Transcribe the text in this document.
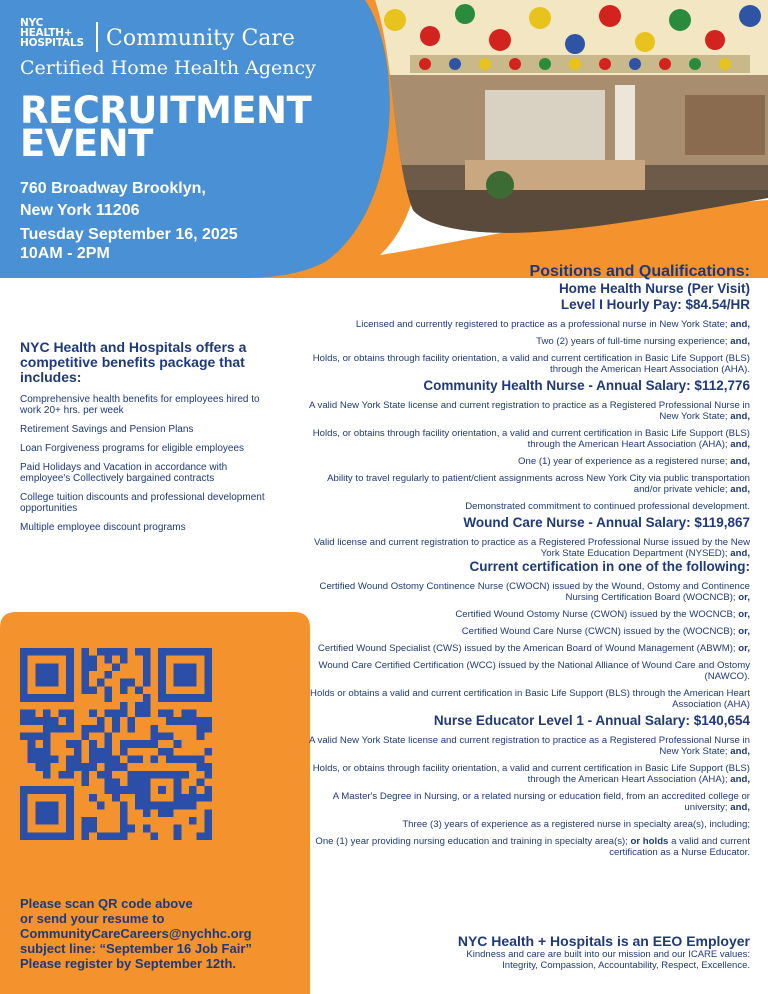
NYC
HEALTH+
HOSPITALS Community Care
Certified Home Health Agency
RECRUITMENT
EVENT
760 Broadway Brooklyn,
New York 11206
Tuesday September 16, 2025
10AM - 2PM
Positions and Qualifications:
Home Health Nurse (Per Visit)
Level I Hourly Pay: $84.54/HR
Licensed and currently registered to practice as a professional nurse in New York State; and,
Two (2) years of full-time nursing experience; and,
Holds, or obtains through facility orientation, a valid and current certification in Basic Life Support (BLS) through the American Heart Association (AHA).
Community Health Nurse - Annual Salary: $112,776
A valid New York State license and current registration to practice as a Registered Professional Nurse in New York State; and,
Holds, or obtains through facility orientation, a valid and current certification in Basic Life Support (BLS) through the American Heart Association (AHA); and,
One (1) year of experience as a registered nurse; and,
Ability to travel regularly to patient/client assignments across New York City via public transportation and/or private vehicle; and,
Demonstrated commitment to continued professional development.
Wound Care Nurse - Annual Salary: $119,867
Valid license and current registration to practice as a Registered Professional Nurse issued by the New York State Education Department (NYSED); and,
Current certification in one of the following:
Certified Wound Ostomy Continence Nurse (CWOCN) issued by the Wound, Ostomy and Continence Nursing Certification Board (WOCNCB); or,
Certified Wound Ostomy Nurse (CWON) issued by the WOCNCB; or,
Certified Wound Care Nurse (CWCN) issued by the (WOCNCB); or,
Certified Wound Specialist (CWS) issued by the American Board of Wound Management (ABWM); or,
Wound Care Certified Certification (WCC) issued by the National Alliance of Wound Care and Ostomy (NAWCO).
Holds or obtains a valid and current certification in Basic Life Support (BLS) through the American Heart Association (AHA)
Nurse Educator Level 1 - Annual Salary: $140,654
A valid New York State license and current registration to practice as a Registered Professional Nurse in New York State; and,
Holds, or obtains through facility orientation, a valid and current certification in Basic Life Support (BLS) through the American Heart Association (AHA); and,
A Master's Degree in Nursing, or a related nursing or education field, from an accredited college or university; and,
Three (3) years of experience as a registered nurse in specialty area(s), including;
One (1) year providing nursing education and training in specialty area(s); or holds a valid and current certification as a Nurse Educator.
NYC Health and Hospitals offers a competitive benefits package that includes:
Comprehensive health benefits for employees hired to work 20+ hrs. per week
Retirement Savings and Pension Plans
Loan Forgiveness programs for eligible employees
Paid Holidays and Vacation in accordance with employee's Collectively bargained contracts
College tuition discounts and professional development opportunities
Multiple employee discount programs
Please scan QR code above
or send your resume to
CommunityCareCareers@nychhc.org
subject line: “September 16 Job Fair”
Please register by September 12th.
NYC Health + Hospitals is an EEO Employer
Kindness and care are built into our mission and our ICARE values:
Integrity, Compassion, Accountability, Respect, Excellence.
